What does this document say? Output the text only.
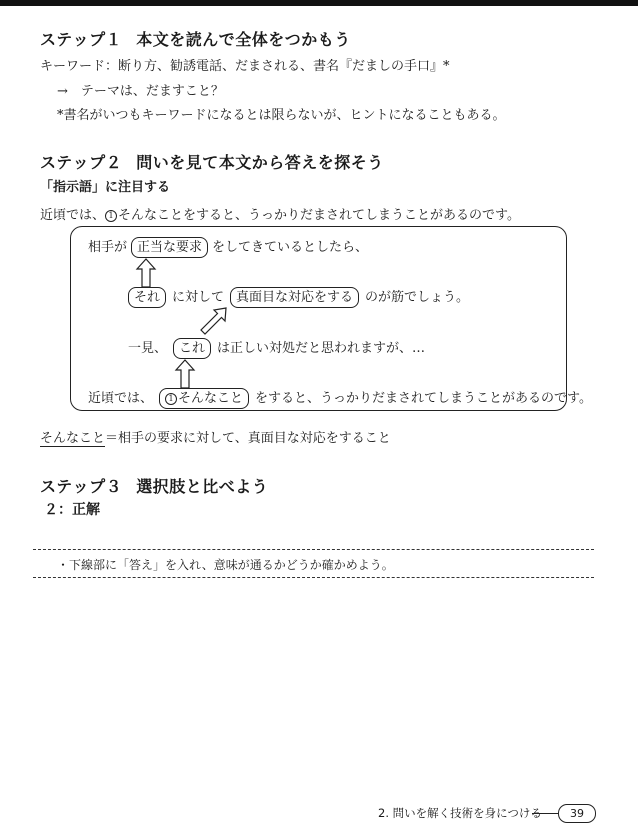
ステップ１ 本文を読んで全体をつかもう
キーワード：断り方、勧誘電話、だまされる、書名『だましの手口』*
→　テーマは、だますこと？
*書名がいつもキーワードになるとは限らないが、ヒントになることもある。
ステップ２ 問いを見て本文から答えを探そう
「指示語」に注目する
近頃では、 1 そんなことをすると、うっかりだまされてしまうことがあるのです。
相手が 正当な要求 をしてきているとしたら、
それ に対して 真面目な対応をする のが筋でしょう。
一見、 これ は正しい対処だと思われますが、…
近頃では、 1 そんなこと をすると、うっかりだまされてしまうことがあるのです。
そんなこと＝相手の要求に対して、真面目な対応をすること
ステップ３ 選択肢と比べよう
２：正解
・下線部に「答え」を入れ、意味が通るかどうか確かめよう。
2. 問いを解く技術を身につける	39
